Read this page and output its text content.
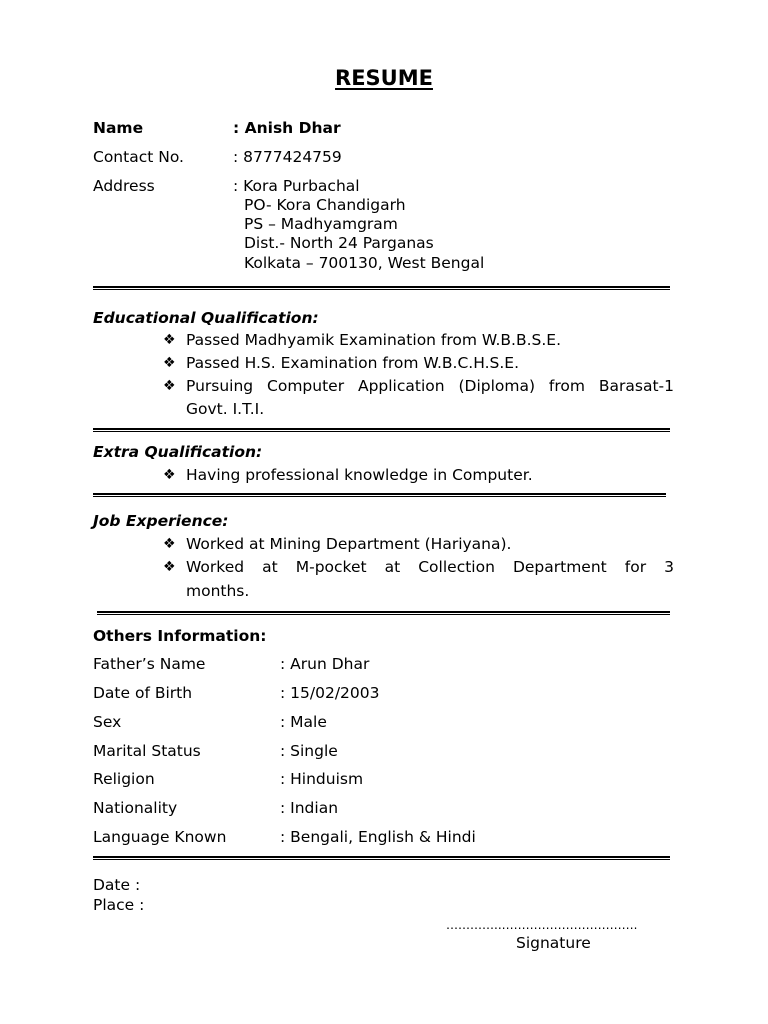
RESUME
Name	: Anish Dhar
Contact No.	: 8777424759
Address	: Kora Purbachal
PO- Kora Chandigarh
PS – Madhyamgram
Dist.- North 24 Parganas
Kolkata – 700130, West Bengal
Educational Qualification:
❖ Passed Madhyamik Examination from W.B.B.S.E.
❖ Passed H.S. Examination from W.B.C.H.S.E.
❖ Pursuing Computer Application (Diploma) from Barasat-1
Govt. I.T.I.
Extra Qualification:
❖ Having professional knowledge in Computer.
Job Experience:
❖ Worked at Mining Department (Hariyana).
❖ Worked at M-pocket at Collection Department for 3
months.
Others Information:
Father’s Name	: Arun Dhar
Date of Birth	: 15/02/2003
Sex	: Male
Marital Status	: Single
Religion	: Hinduism
Nationality	: Indian
Language Known	: Bengali, English & Hindi
Date :
Place :
…………..…………………………….
Signature
